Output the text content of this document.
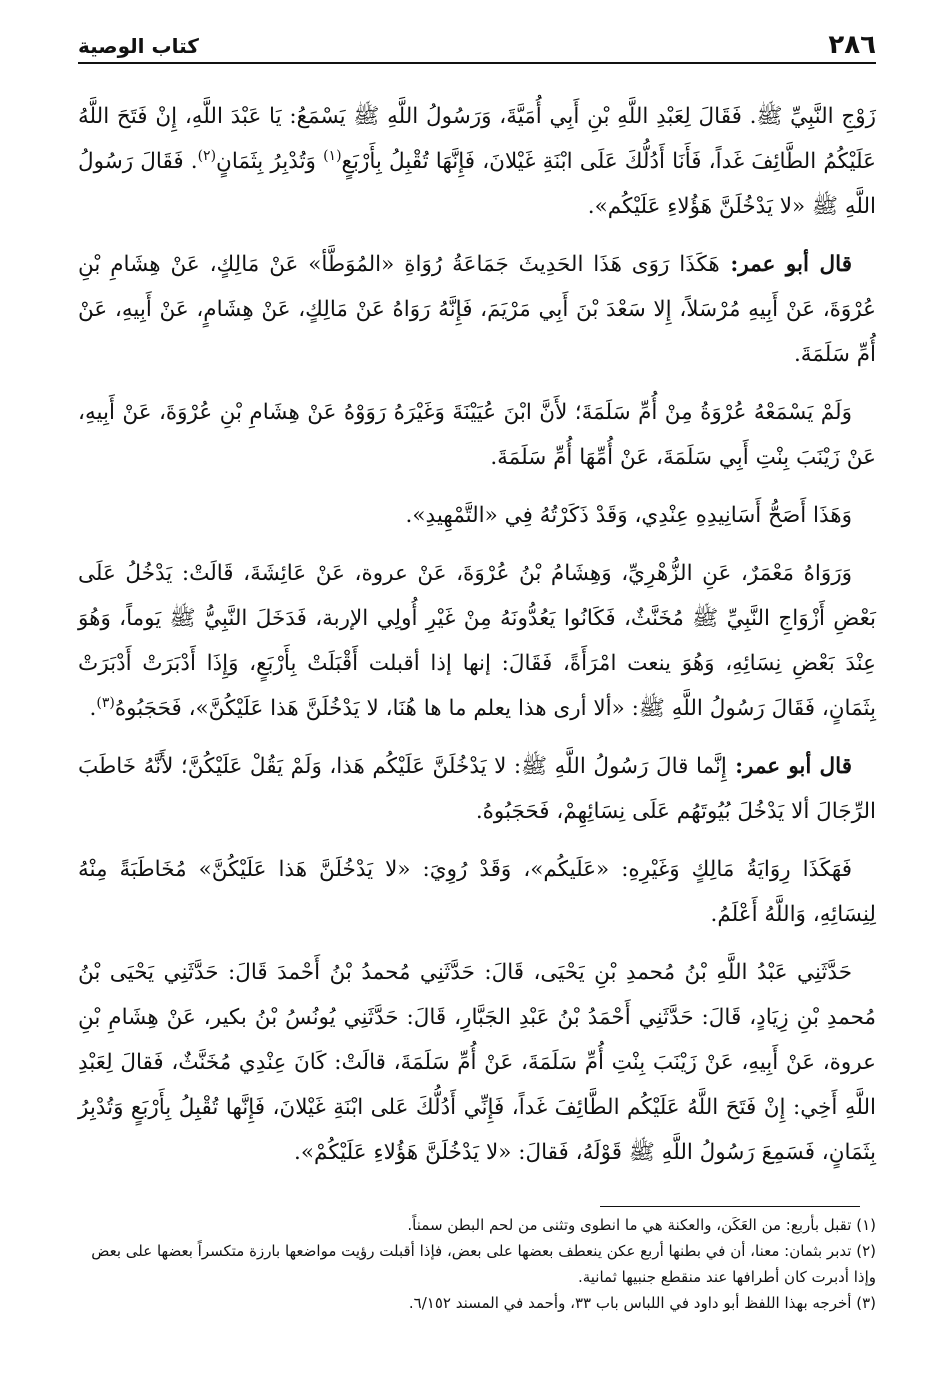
٢٨٦
كتاب الوصية

زَوْجِ النَّبِيِّ ﷺ. فَقَالَ لِعَبْدِ اللَّهِ بْنِ أَبِي أُمَيَّةَ، وَرَسُولُ اللَّهِ ﷺ يَسْمَعُ: يَا عَبْدَ اللَّهِ، إِنْ فَتَحَ اللَّهُ عَلَيْكُمُ الطَّائِفَ غَداً، فَأَنَا أَدُلُّكَ عَلَى ابْنَةِ غَيْلانَ، فَإِنَّهَا تُقْبِلُ بِأَرْبَعٍ$^{(١)}$ وَتُدْبِرُ بِثَمَانٍ$^{(٢)}$. فَقَالَ رَسُولُ اللَّهِ ﷺ «لا يَدْخُلَنَّ هَؤُلاءِ عَلَيْكُم».

قال أبو عمر: هَكَذَا رَوَى هَذَا الحَدِيثَ جَمَاعَةُ رُوَاةِ «المُوَطَّأ» عَنْ مَالِكٍ، عَنْ هِشَامِ بْنِ عُرْوَةَ، عَنْ أَبِيهِ مُرْسَلاً، إِلا سَعْدَ بْنَ أَبِي مَرْيَمَ، فَإِنَّهُ رَوَاهُ عَنْ مَالِكٍ، عَنْ هِشَامٍ، عَنْ أَبِيهِ، عَنْ أُمِّ سَلَمَةَ.

وَلَمْ يَسْمَعْهُ عُرْوَةُ مِنْ أُمِّ سَلَمَةَ؛ لأَنَّ ابْنَ عُيَيْنَةَ وَغَيْرَهُ رَوَوْهُ عَنْ هِشَامِ بْنِ عُرْوَةَ، عَنْ أَبِيهِ، عَنْ زَيْنَبَ بِنْتِ أَبِي سَلَمَةَ، عَنْ أُمِّهَا أُمِّ سَلَمَةَ.

وَهَذَا أَصَحُّ أَسَانِيدِهِ عِنْدِي، وَقَدْ ذَكَرْتُهُ فِي «التَّمْهِيدِ».

وَرَوَاهُ مَعْمَرٌ، عَنِ الزُّهْرِيِّ، وَهِشَامُ بْنُ عُرْوَةَ، عَنْ عروة، عَنْ عَائِشَةَ، قَالَتْ: يَدْخُلُ عَلَى بَعْضِ أَزْوَاجِ النَّبِيِّ ﷺ مُخَنَّثٌ، فَكَانُوا يَعُدُّونَهُ مِنْ غَيْرِ أُولِي الإربة، فَدَخَلَ النَّبِيُّ ﷺ يَوماً، وَهُوَ عِنْدَ بَعْضِ نِسَائِهِ، وَهُوَ ينعت امْرَأَةً، فَقَالَ: إنها إذا أقبلت أَقْبَلَتْ بِأَرْبَعٍ، وَإِذَا أَدْبَرَتْ أَدْبَرَتْ بِثَمَانٍ، فَقَالَ رَسُولُ اللَّهِ ﷺ: «ألا أرى هذا يعلم ما ها هُنَا، لا يَدْخُلَنَّ هَذا عَلَيْكُنَّ»، فَحَجَبُوهُ$^{(٣)}$.

قال أبو عمر: إِنَّما قالَ رَسُولُ اللَّهِ ﷺ: لا يَدْخُلَنَّ عَلَيْكُم هَذا، وَلَمْ يَقُلْ عَلَيْكُنَّ؛ لأَنَّهُ خَاطَبَ الرِّجَالَ ألا يَدْخُلَ بُيُوتَهُم عَلَى نِسَائِهِمْ، فَحَجَبُوهُ.

فَهَكَذَا رِوَايَةُ مَالِكٍ وَغَيْرِهِ: «عَلَيكُم»، وَقَدْ رُوِيَ: «لا يَدْخُلَنَّ هَذا عَلَيْكُنَّ» مُخَاطَبَةً مِنْهُ لِنِسَائِهِ، وَاللَّهُ أَعْلَمُ.

حَدَّثَنِي عَبْدُ اللَّهِ بْنُ مُحمدِ بْنِ يَحْيَى، قَالَ: حَدَّثَنِي مُحمدُ بْنُ أَحْمدَ قَالَ: حَدَّثَنِي يَحْيَى بْنُ مُحمدِ بْنِ زِيَادٍ، قَالَ: حَدَّثَنِي أَحْمَدُ بْنُ عَبْدِ الجَبَّارِ، قَالَ: حَدَّثَنِي يُونُسُ بْنُ بكير، عَنْ هِشَامِ بْنِ عروة، عَنْ أَبِيهِ، عَنْ زَيْنَبَ بِنْتِ أُمِّ سَلَمَةَ، عَنْ أُمِّ سَلَمَةَ، قالَتْ: كَانَ عِنْدِي مُخَنَّثٌ، فَقالَ لِعَبْدِ اللَّهِ أَخِي: إِنْ فَتَحَ اللَّهُ عَلَيْكُم الطَّائِفَ غَداً، فَإِنِّي أَدُلُّكَ عَلى ابْنَةِ غَيْلانَ، فَإِنَّها تُقْبِلُ بِأَرْبَعٍ وَتُدْبِرُ بِثَمَانٍ، فَسَمِعَ رَسُولُ اللَّهِ ﷺ قَوْلَهُ، فَقالَ: «لا يَدْخُلَنَّ هَؤُلاءِ عَلَيْكُمْ».

(١) تقبل بأربع: من العَكَن، والعكنة هي ما انطوى وتثنى من لحم البطن سمناً.

(٢) تدبر بثمان: معنا، أن في بطنها أربع عكن ينعطف بعضها على بعض، فإذا أقبلت رؤيت مواضعها بارزة متكسراً بعضها على بعض وإذا أدبرت كان أطرافها عند منقطع جنبيها ثمانية.

(٣) أخرجه بهذا اللفظ أبو داود في اللباس باب ٣٣، وأحمد في المسند ٦/١٥٢.
